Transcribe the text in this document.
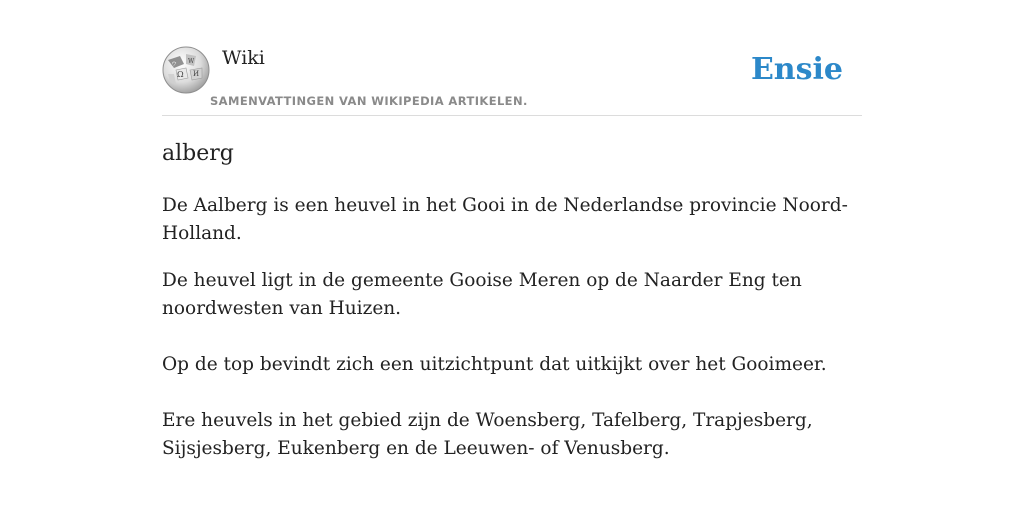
Ω И
W
ウ Wiki
SAMENVATTINGEN VAN WIKIPEDIA ARTIKELEN.
Ensie
alberg

De Aalberg is een heuvel in het Gooi in de Nederlandse provincie Noord-Holland.

De heuvel ligt in de gemeente Gooise Meren op de Naarder Eng ten noordwesten van Huizen.

Op de top bevindt zich een uitzichtpunt dat uitkijkt over het Gooimeer.

Ere heuvels in het gebied zijn de Woensberg, Tafelberg, Trapjesberg, Sijsjesberg, Eukenberg en de Leeuwen- of Venusberg.
